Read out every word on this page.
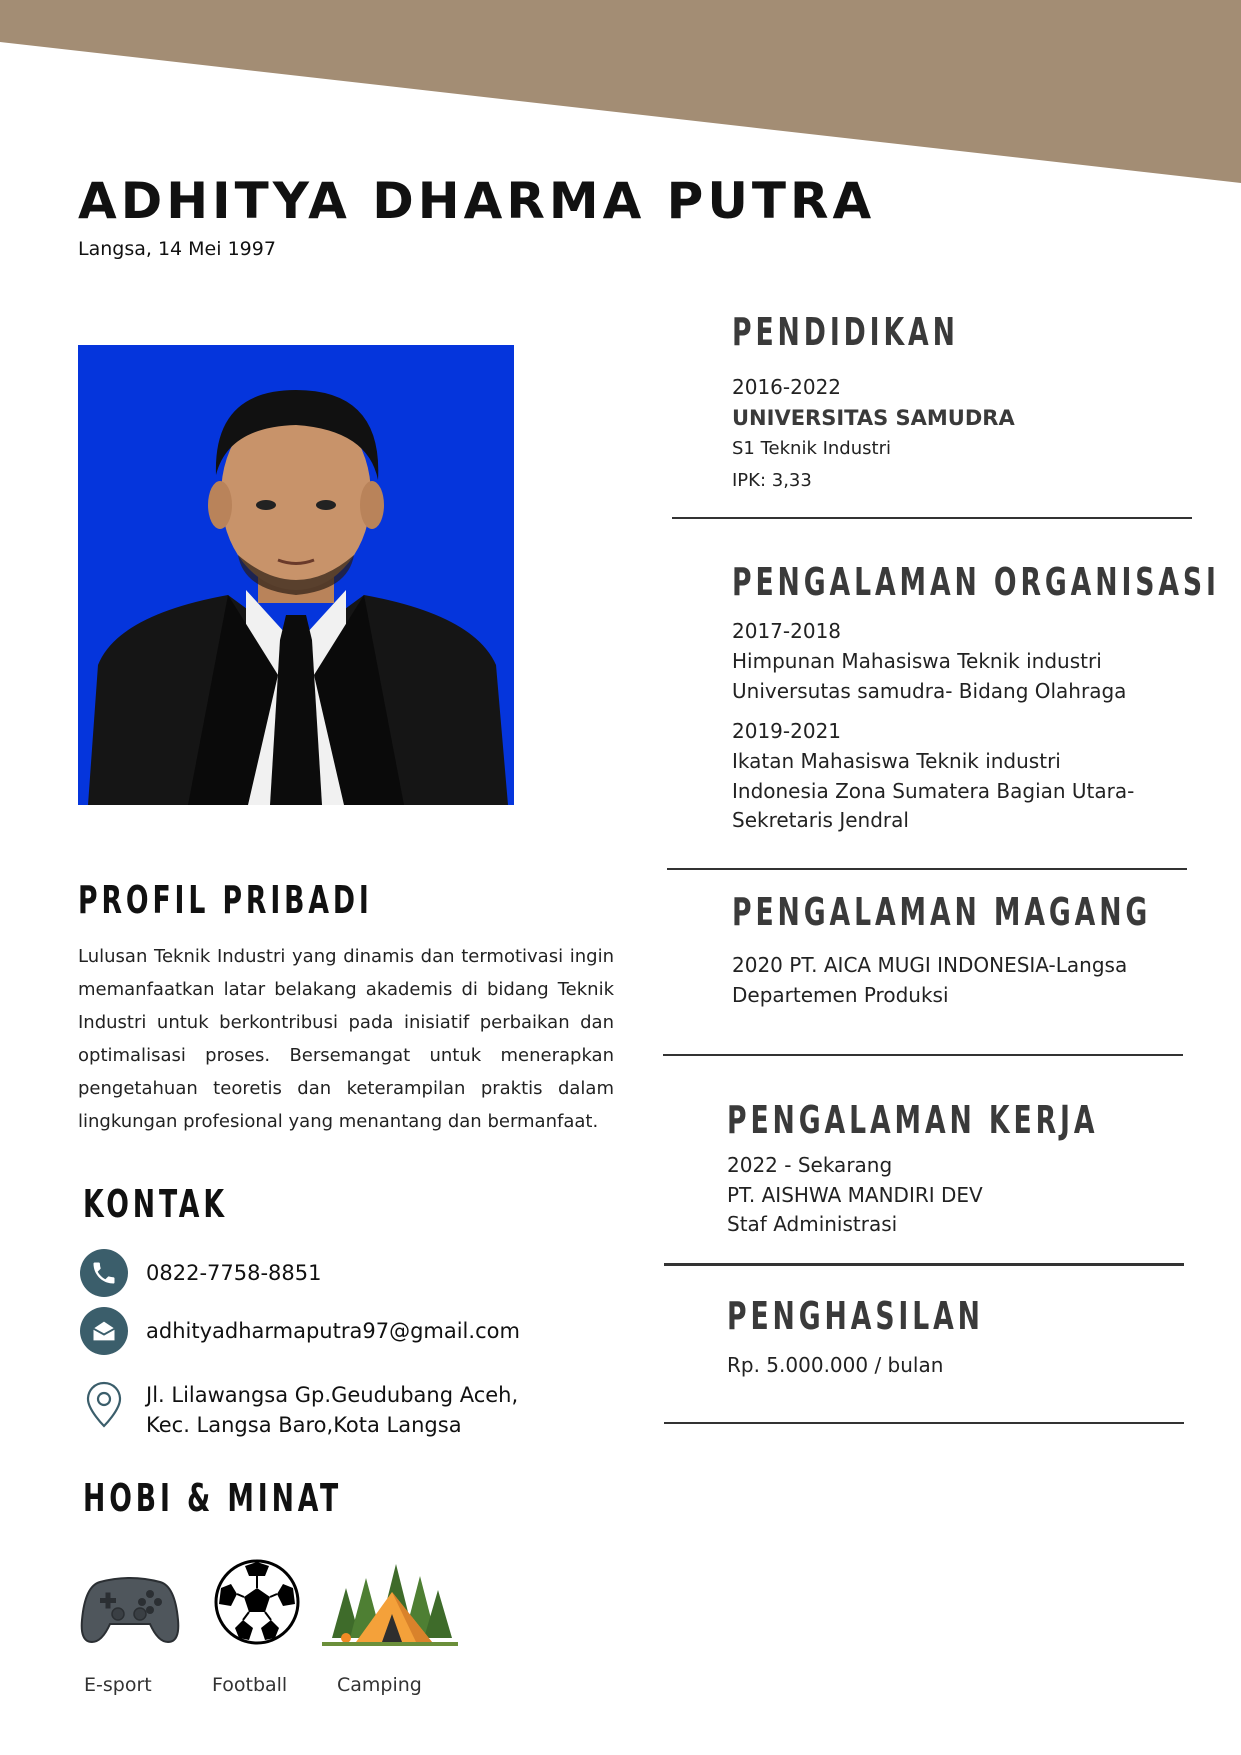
ADHITYA DHARMA PUTRA
Langsa, 14 Mei 1997
PENDIDIKAN
2016-2022
UNIVERSITAS SAMUDRA
S1 Teknik Industri
IPK: 3,33
PENGALAMAN ORGANISASI
2017-2018
Himpunan Mahasiswa Teknik industri
Universutas samudra- Bidang Olahraga
2019-2021
Ikatan Mahasiswa Teknik industri
Indonesia Zona Sumatera Bagian Utara-
Sekretaris Jendral
PENGALAMAN MAGANG
2020 PT. AICA MUGI INDONESIA-Langsa
Departemen Produksi
PENGALAMAN KERJA
2022 - Sekarang
PT. AISHWA MANDIRI DEV
Staf Administrasi
PENGHASILAN
Rp. 5.000.000 / bulan
PROFIL PRIBADI
Lulusan Teknik Industri yang dinamis dan termotivasi ingin memanfaatkan latar belakang akademis di bidang Teknik Industri untuk berkontribusi pada inisiatif perbaikan dan optimalisasi proses. Bersemangat untuk menerapkan pengetahuan teoretis dan keterampilan praktis dalam lingkungan profesional yang menantang dan bermanfaat.
KONTAK
0822-7758-8851
adhityadharmaputra97@gmail.com
Jl. Lilawangsa Gp.Geudubang Aceh,
Kec. Langsa Baro,Kota Langsa
HOBI & MINAT
E-sport	Football	Camping
